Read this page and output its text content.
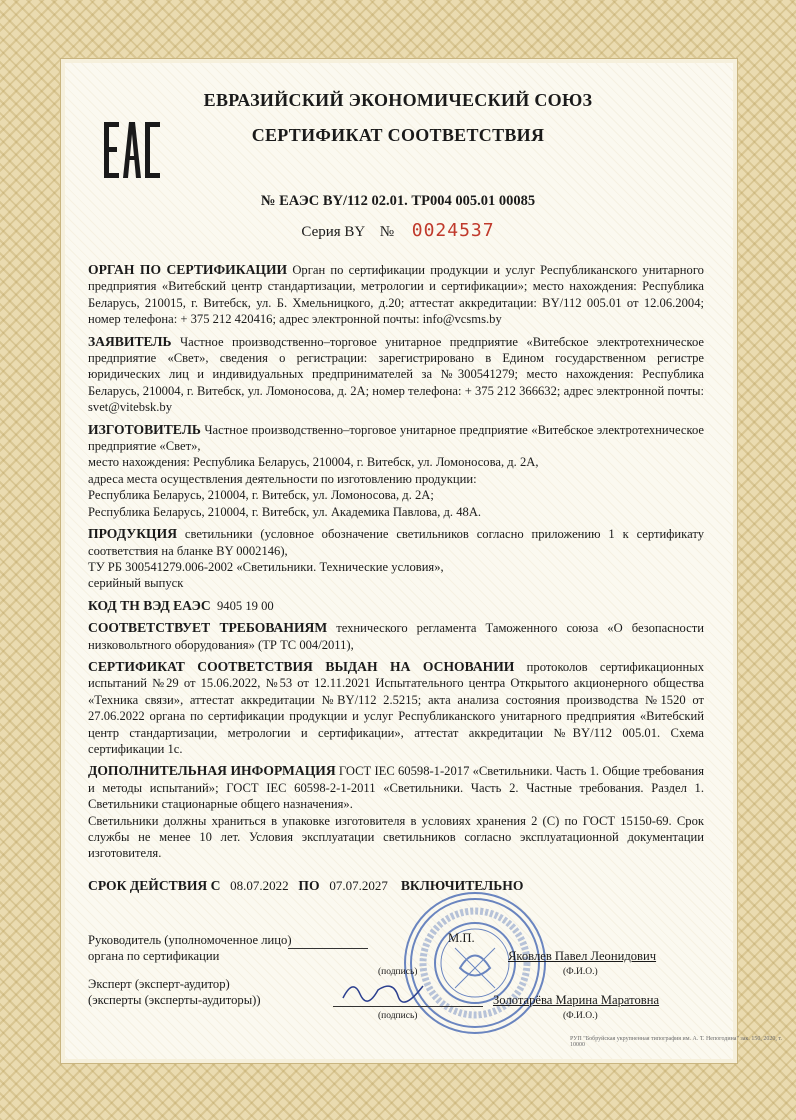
ЕВРАЗИЙСКИЙ ЭКОНОМИЧЕСКИЙ СОЮЗ
СЕРТИФИКАТ СООТВЕТСТВИЯ
№ ЕАЭС BY/112 02.01. ТР004 005.01 00085
Серия BY № 0024537
ОРГАН ПО СЕРТИФИКАЦИИ Орган по сертификации продукции и услуг Республиканского унитарного предприятия «Витебский центр стандартизации, метрологии и сертификации»; место нахождения: Республика Беларусь, 210015, г. Витебск, ул. Б. Хмельницкого, д.20; аттестат аккредитации: BY/112 005.01 от 12.06.2004; номер телефона: + 375 212 420416; адрес электронной почты: info@vcsms.by
ЗАЯВИТЕЛЬ Частное производственно–торговое унитарное предприятие «Витебское электротехническое предприятие «Свет», сведения о регистрации: зарегистрировано в Едином государственном регистре юридических лиц и индивидуальных предпринимателей за №300541279; место нахождения: Республика Беларусь, 210004, г. Витебск, ул. Ломоносова, д. 2А; номер телефона: + 375 212 366632; адрес электронной почты: svet@vitebsk.by
ИЗГОТОВИТЕЛЬ Частное производственно–торговое унитарное предприятие «Витебское электротехническое предприятие «Свет»,
место нахождения: Республика Беларусь, 210004, г. Витебск, ул. Ломоносова, д. 2А,
адреса места осуществления деятельности по изготовлению продукции:
Республика Беларусь, 210004, г. Витебск, ул. Ломоносова, д. 2А;
Республика Беларусь, 210004, г. Витебск, ул. Академика Павлова, д. 48А.
ПРОДУКЦИЯ светильники (условное обозначение светильников согласно приложению 1 к сертификату соответствия на бланке BY 0002146),
ТУ РБ 300541279.006-2002 «Светильники. Технические условия»,
серийный выпуск
КОД ТН ВЭД ЕАЭС 9405 19 00
СООТВЕТСТВУЕТ ТРЕБОВАНИЯМ технического регламента Таможенного союза «О безопасности низковольтного оборудования» (ТР ТС 004/2011),
СЕРТИФИКАТ СООТВЕТСТВИЯ ВЫДАН НА ОСНОВАНИИ протоколов сертификационных испытаний №29 от 15.06.2022, №53 от 12.11.2021 Испытательного центра Открытого акционерного общества «Техника связи», аттестат аккредитации №BY/112 2.5215; акта анализа состояния производства №1520 от 27.06.2022 органа по сертификации продукции и услуг Республиканского унитарного предприятия «Витебский центр стандартизации, метрологии и сертификации», аттестат аккредитации №BY/112 005.01. Схема сертификации 1с.
ДОПОЛНИТЕЛЬНАЯ ИНФОРМАЦИЯ ГОСТ IEC 60598-1-2017 «Светильники. Часть 1. Общие требования и методы испытаний»; ГОСТ IEC 60598-2-1-2011 «Светильники. Часть 2. Частные требования. Раздел 1. Светильники стационарные общего назначения».
Светильники должны храниться в упаковке изготовителя в условиях хранения 2 (С) по ГОСТ 15150-69. Срок службы не менее 10 лет. Условия эксплуатации светильников согласно эксплуатационной документации изготовителя.
СРОК ДЕЙСТВИЯ С 08.07.2022 ПО 07.07.2027 ВКЛЮЧИТЕЛЬНО
Руководитель (уполномоченное лицо)
органа по сертификации
М.П.
Яковлев Павел Леонидович
(подпись)	(Ф.И.О.)
Эксперт (эксперт-аудитор)
(эксперты (эксперты-аудиторы))	Золотарёва Марина Маратовна
(подпись)	(Ф.И.О.)
РУП "Бобруйская укрупненная типография им. А. Т. Непогодина" зак. 150, 2020, т. 10000
